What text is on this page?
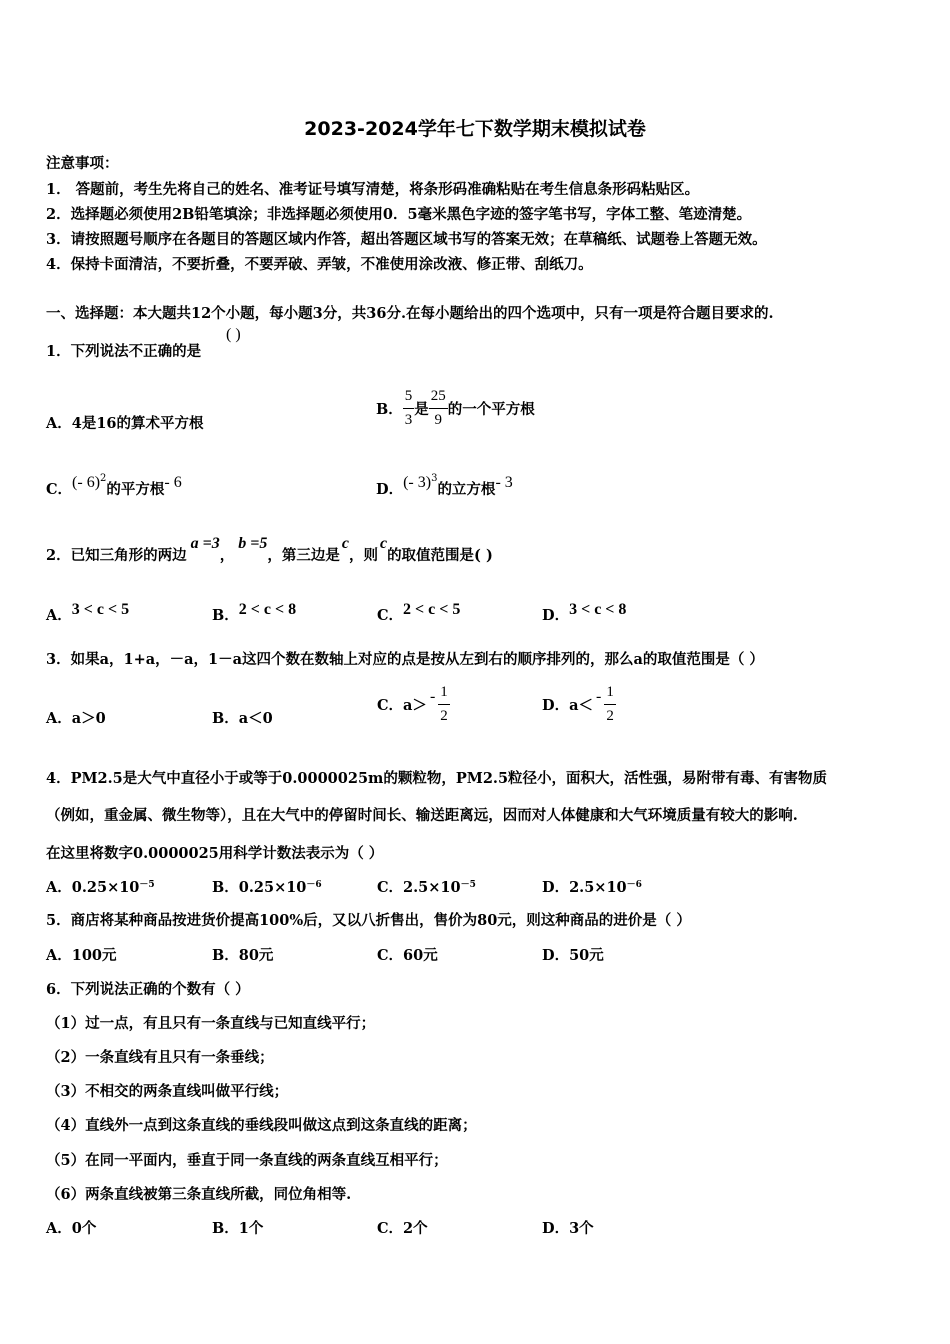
2023-2024学年七下数学期末模拟试卷
注意事项：
1． 答题前，考生先将自己的姓名、准考证号填写清楚，将条形码准确粘贴在考生信息条形码粘贴区。
2．选择题必须使用2B铅笔填涂；非选择题必须使用0．5毫米黑色字迹的签字笔书写，字体工整、笔迹清楚。
3．请按照题号顺序在各题目的答题区域内作答，超出答题区域书写的答案无效；在草稿纸、试题卷上答题无效。
4．保持卡面清洁，不要折叠，不要弄破、弄皱，不准使用涂改液、修正带、刮纸刀。
一、选择题：本大题共12个小题，每小题3分，共36分.在每小题给出的四个选项中，只有一项是符合题目要求的.
1．下列说法不正确的是
( )
A．4是16的算术平方根
B． $\frac{5}{3}$ 是 $\frac{25}{9}$ 的一个平方根
C．(- 6)$^2$的平方根- 6	D．(- 3)$^3$的立方根- 3
2．已知三角形的两边a =3，b =5，第三边是c，则c的取值范围是( )
A．3 < c < 5	B．2 < c < 8	C．2 < c < 5	D．3 < c < 8
3．如果a，1+a，－a，1－a这四个数在数轴上对应的点是按从左到右的顺序排列的，那么a的取值范围是（ ）
A．a＞0	B．a＜0
C．$a>- \frac{1}{2}$	D．$a<- \frac{1}{2}$
4．PM2.5是大气中直径小于或等于0.0000025m的颗粒物，PM2.5粒径小，面积大，活性强，易附带有毒、有害物质
（例如，重金属、微生物等），且在大气中的停留时间长、输送距离远，因而对人体健康和大气环境质量有较大的影响.
在这里将数字0.0000025用科学计数法表示为（ ）
A．$0.25\times 10^{-5}$	B．$0.25\times 10^{-6}$	C．$2.5\times 10^{-5}$	D．$2.5\times 10^{-6}$
5．商店将某种商品按进货价提高100%后，又以八折售出，售价为80元，则这种商品的进价是（ ）
A．100元	B．80元	C．60元	D．50元
6．下列说法正确的个数有（ ）
（1）过一点，有且只有一条直线与已知直线平行；
（2）一条直线有且只有一条垂线；
（3）不相交的两条直线叫做平行线；
（4）直线外一点到这条直线的垂线段叫做这点到这条直线的距离；
（5）在同一平面内，垂直于同一条直线的两条直线互相平行；
（6）两条直线被第三条直线所截，同位角相等.
A．0个	B．1个	C．2个	D．3个
